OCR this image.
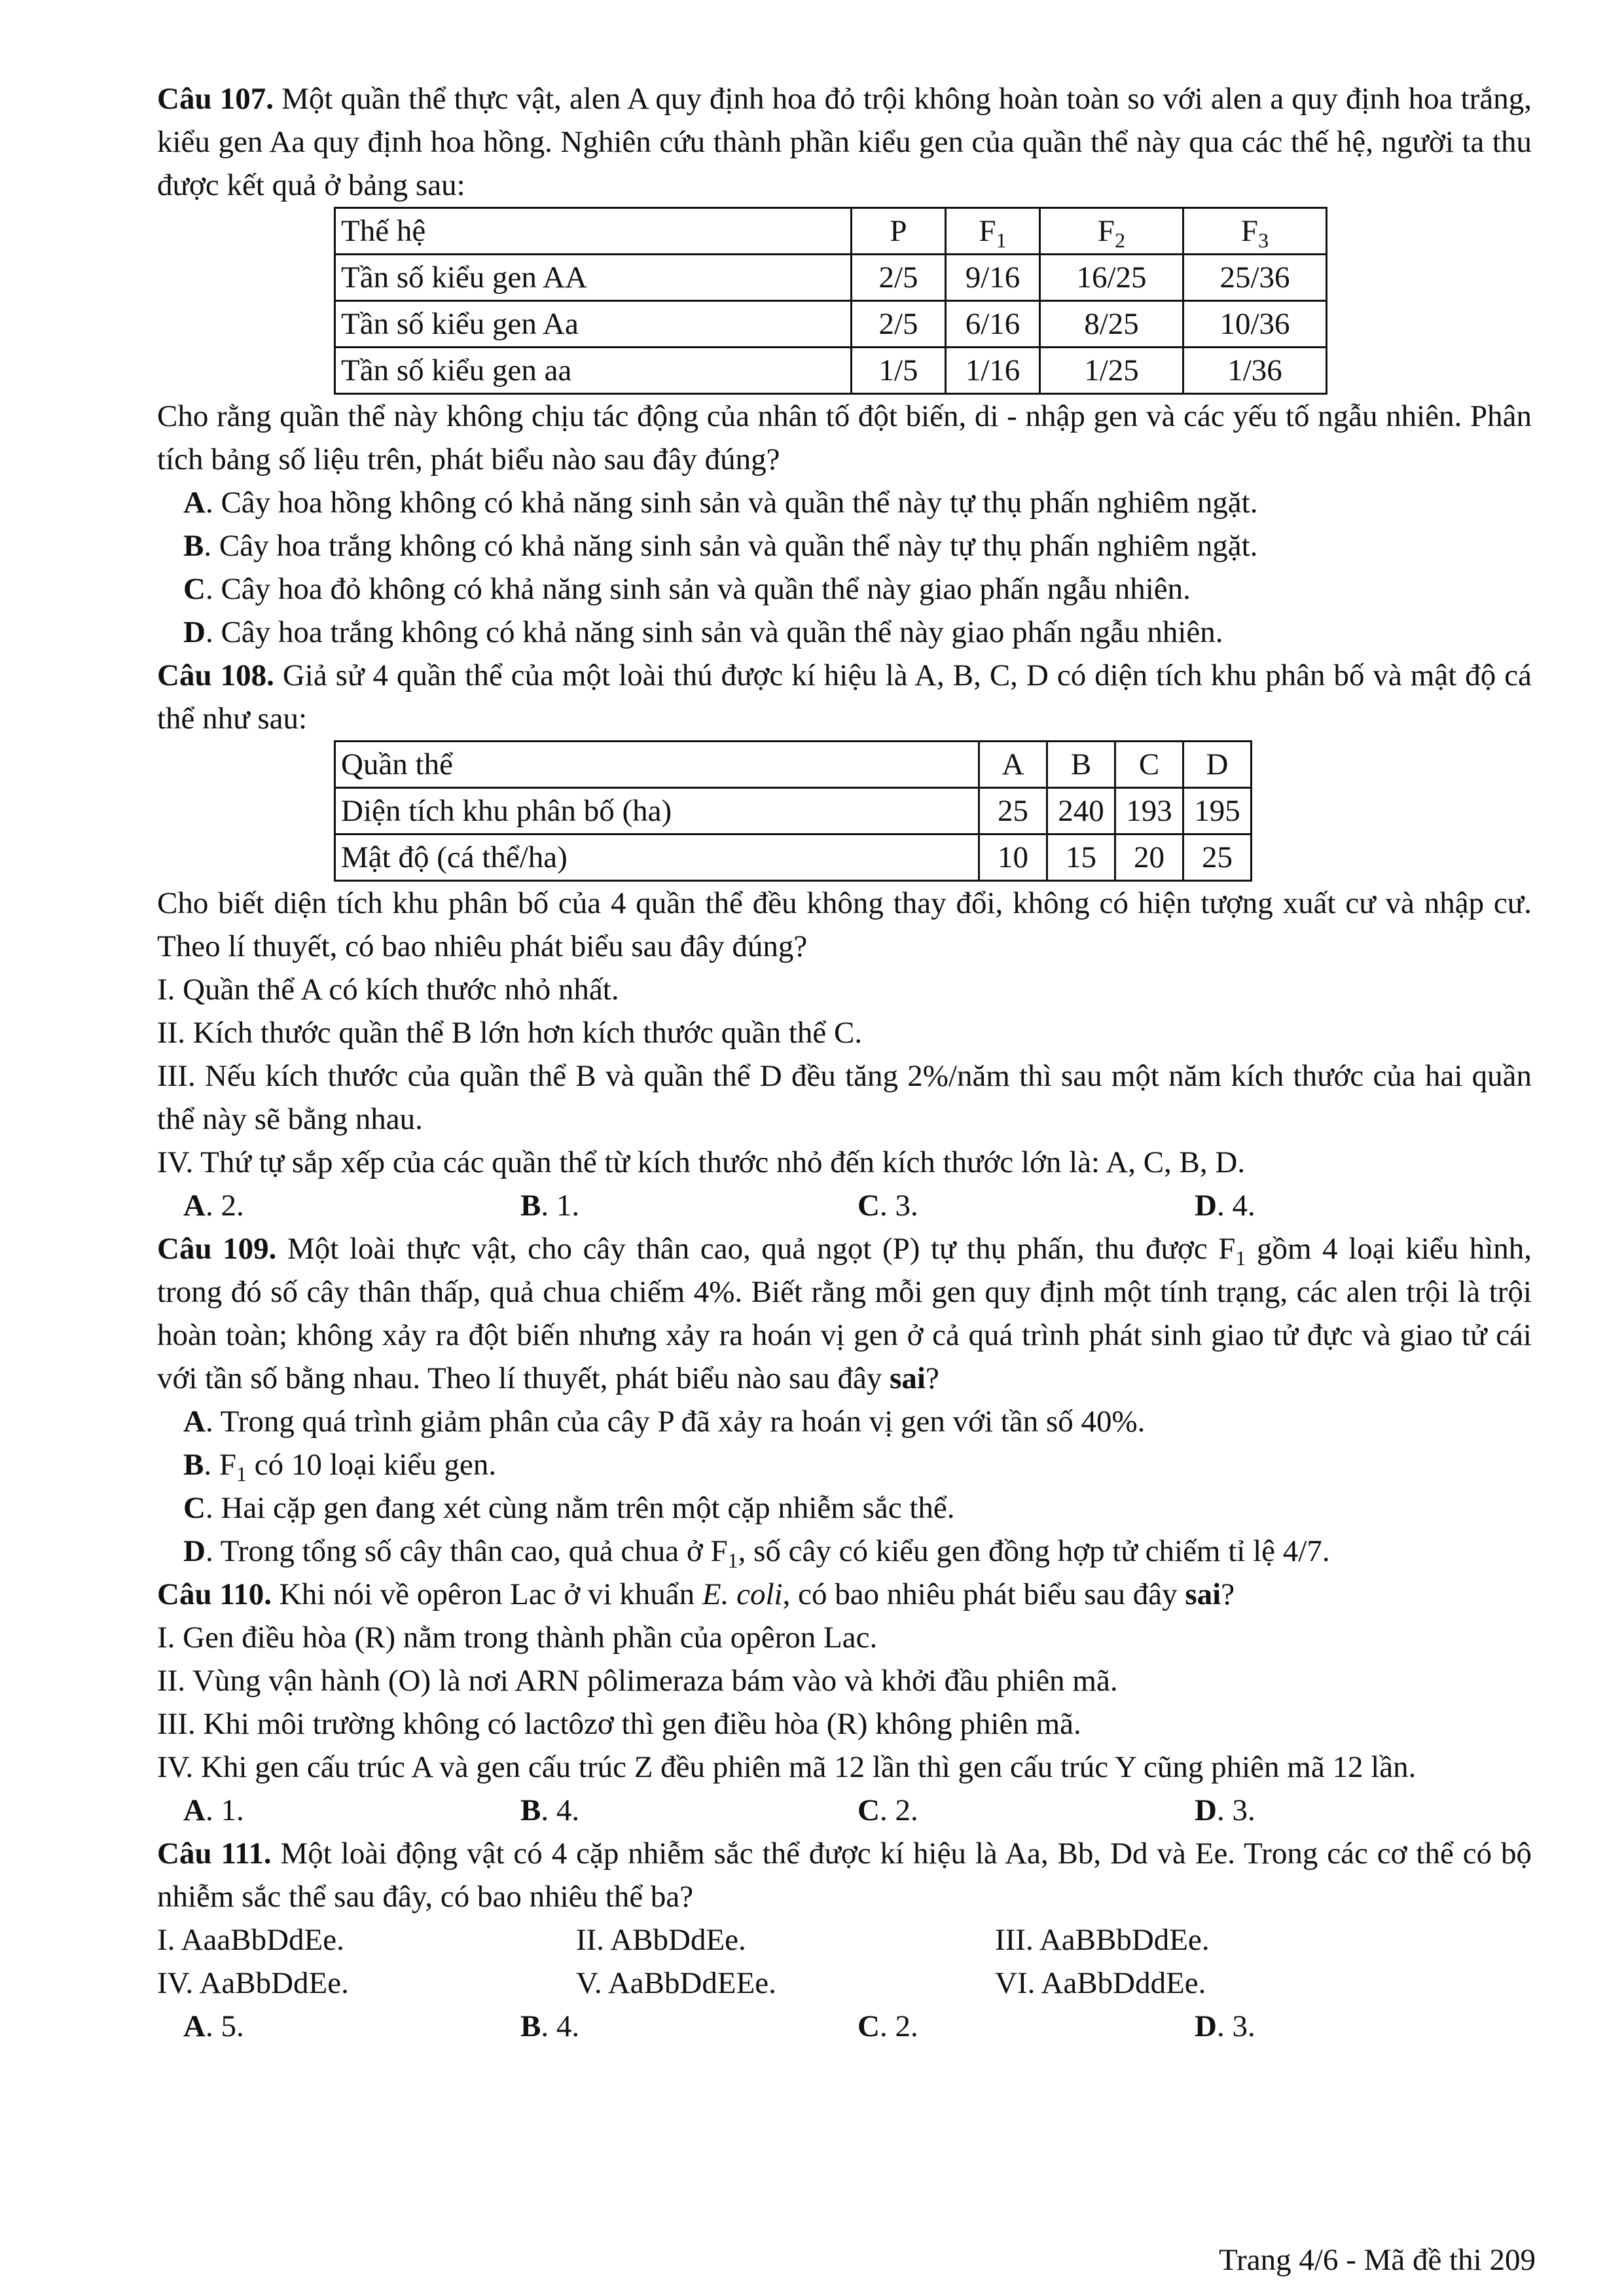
Câu 107. Một quần thể thực vật, alen A quy định hoa đỏ trội không hoàn toàn so với alen a quy định hoa trắng, kiểu gen Aa quy định hoa hồng. Nghiên cứu thành phần kiểu gen của quần thể này qua các thế hệ, người ta thu được kết quả ở bảng sau:

Thế hệ	P	$F_1$	$F_2$	$F_3$
Tần số kiểu gen AA	2/5	9/16	16/25	25/36
Tần số kiểu gen Aa	2/5	6/16	8/25	10/36
Tần số kiểu gen aa	1/5	1/16	1/25	1/36

Cho rằng quần thể này không chịu tác động của nhân tố đột biến, di - nhập gen và các yếu tố ngẫu nhiên. Phân tích bảng số liệu trên, phát biểu nào sau đây đúng?

A. Cây hoa hồng không có khả năng sinh sản và quần thể này tự thụ phấn nghiêm ngặt.
B. Cây hoa trắng không có khả năng sinh sản và quần thể này tự thụ phấn nghiêm ngặt.
C. Cây hoa đỏ không có khả năng sinh sản và quần thể này giao phấn ngẫu nhiên.
D. Cây hoa trắng không có khả năng sinh sản và quần thể này giao phấn ngẫu nhiên.

Câu 108. Giả sử 4 quần thể của một loài thú được kí hiệu là A, B, C, D có diện tích khu phân bố và mật độ cá thể như sau:

Quần thể	A	B	C	D
Diện tích khu phân bố (ha)	25	240	193	195
Mật độ (cá thể/ha)	10	15	20	25

Cho biết diện tích khu phân bố của 4 quần thể đều không thay đổi, không có hiện tượng xuất cư và nhập cư. Theo lí thuyết, có bao nhiêu phát biểu sau đây đúng?

I. Quần thể A có kích thước nhỏ nhất.

II. Kích thước quần thể B lớn hơn kích thước quần thể C.

III. Nếu kích thước của quần thể B và quần thể D đều tăng 2%/năm thì sau một năm kích thước của hai quần thể này sẽ bằng nhau.

IV. Thứ tự sắp xếp của các quần thể từ kích thước nhỏ đến kích thước lớn là: A, C, B, D.

A. 2.	B. 1.	C. 3.	D. 4.

Câu 109. Một loài thực vật, cho cây thân cao, quả ngọt (P) tự thụ phấn, thu được $F_1$ gồm 4 loại kiểu hình, trong đó số cây thân thấp, quả chua chiếm 4%. Biết rằng mỗi gen quy định một tính trạng, các alen trội là trội hoàn toàn; không xảy ra đột biến nhưng xảy ra hoán vị gen ở cả quá trình phát sinh giao tử đực và giao tử cái với tần số bằng nhau. Theo lí thuyết, phát biểu nào sau đây sai?

A. Trong quá trình giảm phân của cây P đã xảy ra hoán vị gen với tần số 40%.
B. $F_1$ có 10 loại kiểu gen.
C. Hai cặp gen đang xét cùng nằm trên một cặp nhiễm sắc thể.
D. Trong tổng số cây thân cao, quả chua ở $F_1$, số cây có kiểu gen đồng hợp tử chiếm tỉ lệ 4/7.

Câu 110. Khi nói về opêron Lac ở vi khuẩn E. coli, có bao nhiêu phát biểu sau đây sai?

I. Gen điều hòa (R) nằm trong thành phần của opêron Lac.

II. Vùng vận hành (O) là nơi ARN pôlimeraza bám vào và khởi đầu phiên mã.

III. Khi môi trường không có lactôzơ thì gen điều hòa (R) không phiên mã.

IV. Khi gen cấu trúc A và gen cấu trúc Z đều phiên mã 12 lần thì gen cấu trúc Y cũng phiên mã 12 lần.

A. 1.	B. 4.	C. 2.	D. 3.

Câu 111. Một loài động vật có 4 cặp nhiễm sắc thể được kí hiệu là Aa, Bb, Dd và Ee. Trong các cơ thể có bộ nhiễm sắc thể sau đây, có bao nhiêu thể ba?

I. AaaBbDdEe.	II. ABbDdEe.	III. AaBBbDdEe.
IV. AaBbDdEe.	V. AaBbDdEEe.	VI. AaBbDddEe.
A. 5.	B. 4.	C. 2.	D. 3.
Trang 4/6 - Mã đề thi 209
